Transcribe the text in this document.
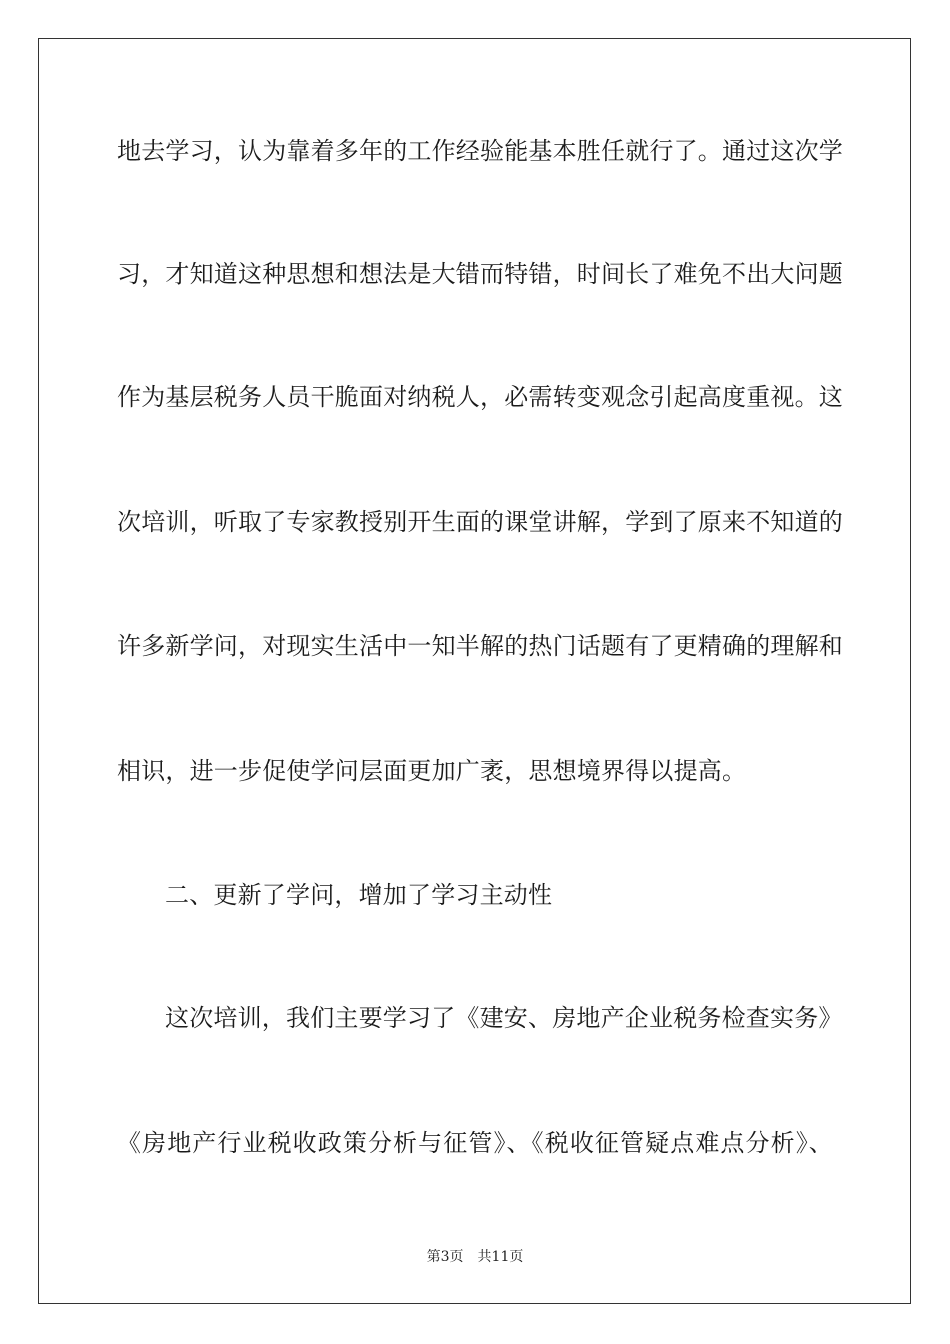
地去学习，认为靠着多年的工作经验能基本胜任就行了。通过这次学
习，才知道这种思想和想法是大错而特错，时间长了难免不出大问题
作为基层税务人员干脆面对纳税人，必需转变观念引起高度重视。这
次培训，听取了专家教授别开生面的课堂讲解，学到了原来不知道的
许多新学问，对现实生活中一知半解的热门话题有了更精确的理解和
相识，进一步促使学问层面更加广袤，思想境界得以提高。
二、更新了学问，增加了学习主动性
这次培训，我们主要学习了《建安、房地产企业税务检查实务》
《房地产行业税收政策分析与征管》、《税收征管疑点难点分析》、
第3页 共11页
